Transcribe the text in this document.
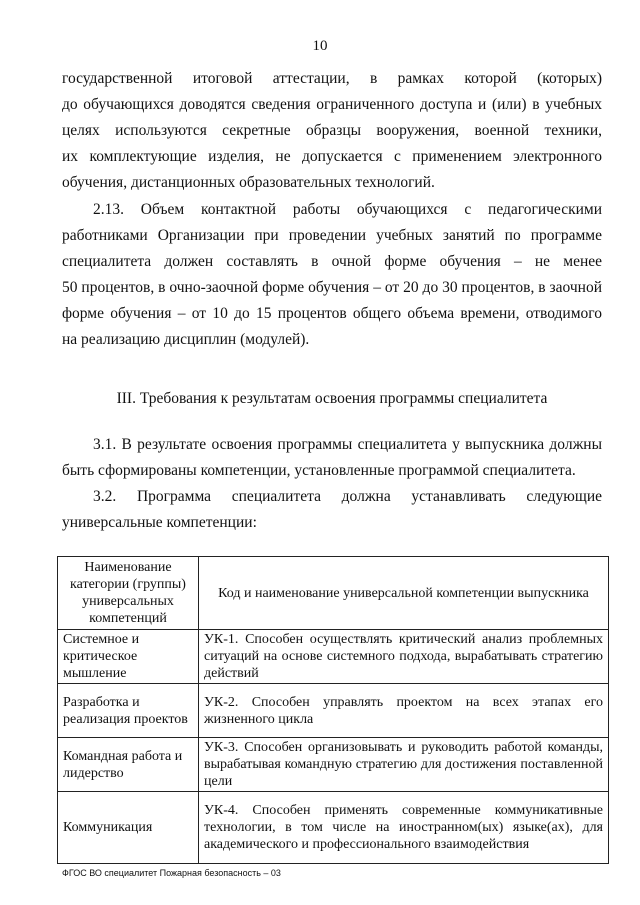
10
государственной итоговой аттестации, в рамках которой (которых)
до обучающихся доводятся сведения ограниченного доступа и (или) в учебных
целях используются секретные образцы вооружения, военной техники,
их комплектующие изделия, не допускается с применением электронного
обучения, дистанционных образовательных технологий.
2.13. Объем контактной работы обучающихся с педагогическими
работниками Организации при проведении учебных занятий по программе
специалитета должен составлять в очной форме обучения – не менее
50 процентов, в очно-заочной форме обучения – от 20 до 30 процентов, в заочной
форме обучения – от 10 до 15 процентов общего объема времени, отводимого
на реализацию дисциплин (модулей).
III. Требования к результатам освоения программы специалитета
3.1. В результате освоения программы специалитета у выпускника должны
быть сформированы компетенции, установленные программой специалитета.
3.2. Программа специалитета должна устанавливать следующие
универсальные компетенции:
Наименование категории (группы) универсальных компетенций	Код и наименование универсальной компетенции выпускника
Системное и критическое мышление	УК-1. Способен осуществлять критический анализ проблемных ситуаций на основе системного подхода, вырабатывать стратегию действий
Разработка и реализация проектов	УК-2. Способен управлять проектом на всех этапах его жизненного цикла
Командная работа и лидерство	УК-3. Способен организовывать и руководить работой команды, вырабатывая командную стратегию для достижения поставленной цели
Коммуникация	УК-4. Способен применять современные коммуникативные технологии, в том числе на иностранном(ых) языке(ах), для академического и профессионального взаимодействия
ФГОС ВО специалитет Пожарная безопасность – 03
